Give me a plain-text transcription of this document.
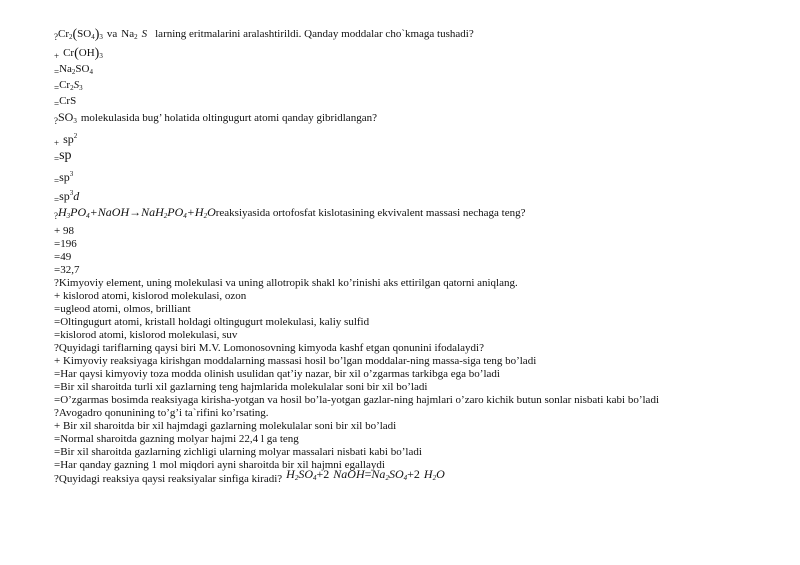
$?Cr_2(SO_4)_3$ va $Na_2$ S larning eritmalarini aralashtirildi. Qanday moddalar cho`kmaga tushadi?
+ $Cr(OH)_3$
$=Na_2SO_4$
$=Cr_2S_3$
=CrS
$?SO_3$ molekulasida bug’ holatida oltingugurt atomi qanday gibridlangan?
+ $sp^2$
=sp
$=sp^3$
$=sp^3d$
$?H_3PO_4+NaOH\to NaH_2PO_4+H_2Oreaksiyasida$ ortofosfat kislotasining ekvivalent massasi nechaga teng?
+ 98
=196
=49
=32,7
?Kimyoviy element, uning molekulasi va uning allotropik shakl ko’rinishi aks ettirilgan qatorni aniqlang.
+ kislorod atomi, kislorod molekulasi, ozon
=ugleod atomi, olmos, brilliant
=Oltingugurt atomi, kristall holdagi oltingugurt molekulasi, kaliy sulfid
=kislorod atomi, kislorod molekulasi, suv
?Quyidagi tariflarning qaysi biri M.V. Lomonosovning kimyoda kashf etgan qonunini ifodalaydi?
+ Kimyoviy reaksiyaga kirishgan moddalarning massasi hosil bo’lgan moddalar-ning massa-siga teng bo’ladi
=Har qaysi kimyoviy toza modda olinish usulidan qat’iy nazar, bir xil o’zgarmas tarkibga ega bo’ladi
=Bir xil sharoitda turli xil gazlarning teng hajmlarida molekulalar soni bir xil bo’ladi
=O’zgarmas bosimda reaksiyaga kirisha-yotgan va hosil bo’la-yotgan gazlar-ning hajmlari o’zaro kichik butun sonlar nisbati kabi bo’ladi
?Avogadro qonunining to’g’i ta`rifini ko’rsating.
+ Bir xil sharoitda bir xil hajmdagi gazlarning molekulalar soni bir xil bo’ladi
=Normal sharoitda gazning molyar hajmi 22,4 l ga teng
=Bir xil sharoitda gazlarning zichligi ularning molyar massalari nisbati kabi bo’ladi
=Har qanday gazning 1 mol miqdori ayni sharoitda bir xil hajmni egallaydi
?Quyidagi reaksiya qaysi reaksiyalar sinfiga kiradi? $H_2SO_4+2$ $NaOH=Na_2SO_4+2$ $H_2O$
